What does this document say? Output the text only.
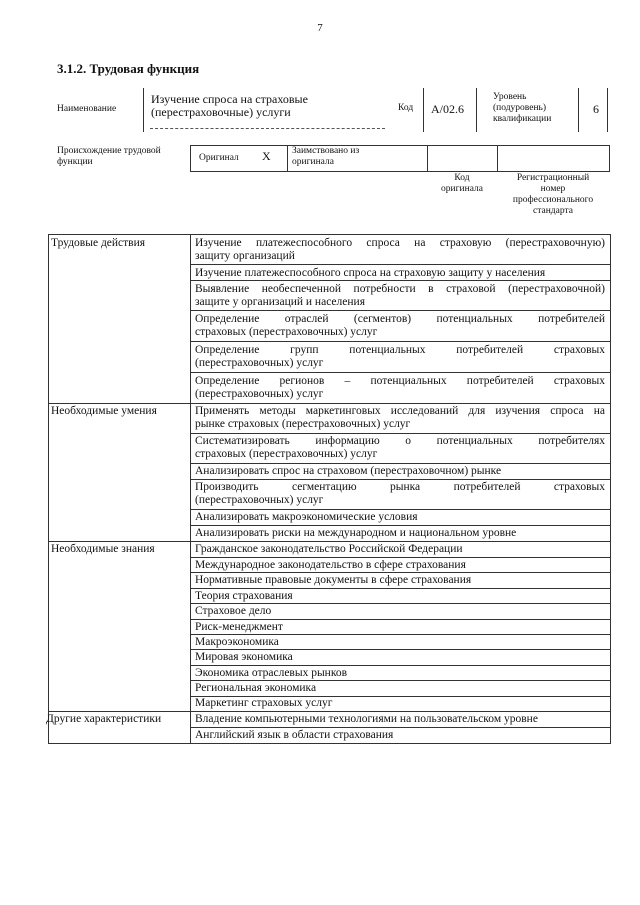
7
3.1.2. Трудовая функция
Наименование
Изучение спроса на страховые
(перестраховочные) услуги	Код А/02.6
Уровень
(подуровень)
квалификации
6
Происхождение трудовой
функции	Оригинал X Заимствовано из
оригинала
Код
оригинала
Регистрационный
номер
профессионального
стандарта
Трудовые действия
Необходимые умения
Необходимые знания
Другие характеристики
Изучение платежеспособного спроса на страховую (перестраховочную)
защиту организаций
Изучение платежеспособного спроса на страховую защиту у населения
Выявление необеспеченной потребности в страховой (перестраховочной)
защите у организаций и населения
Определение отраслей (сегментов) потенциальных потребителей
страховых (перестраховочных) услуг
Определение групп потенциальных потребителей страховых
(перестраховочных) услуг
Определение регионов – потенциальных потребителей страховых
(перестраховочных) услуг
Применять методы маркетинговых исследований для изучения спроса на
рынке страховых (перестраховочных) услуг
Систематизировать информацию о потенциальных потребителях
страховых (перестраховочных) услуг
Анализировать спрос на страховом (перестраховочном) рынке
Производить сегментацию рынка потребителей страховых
(перестраховочных) услуг
Анализировать макроэкономические условия
Анализировать риски на международном и национальном уровне
Гражданское законодательство Российской Федерации
Международное законодательство в сфере страхования
Нормативные правовые документы в сфере страхования
Теория страхования
Страховое дело
Риск-менеджмент
Макроэкономика
Мировая экономика
Экономика отраслевых рынков
Региональная экономика
Маркетинг страховых услуг
Владение компьютерными технологиями на пользовательском уровне
Английский язык в области страхования
